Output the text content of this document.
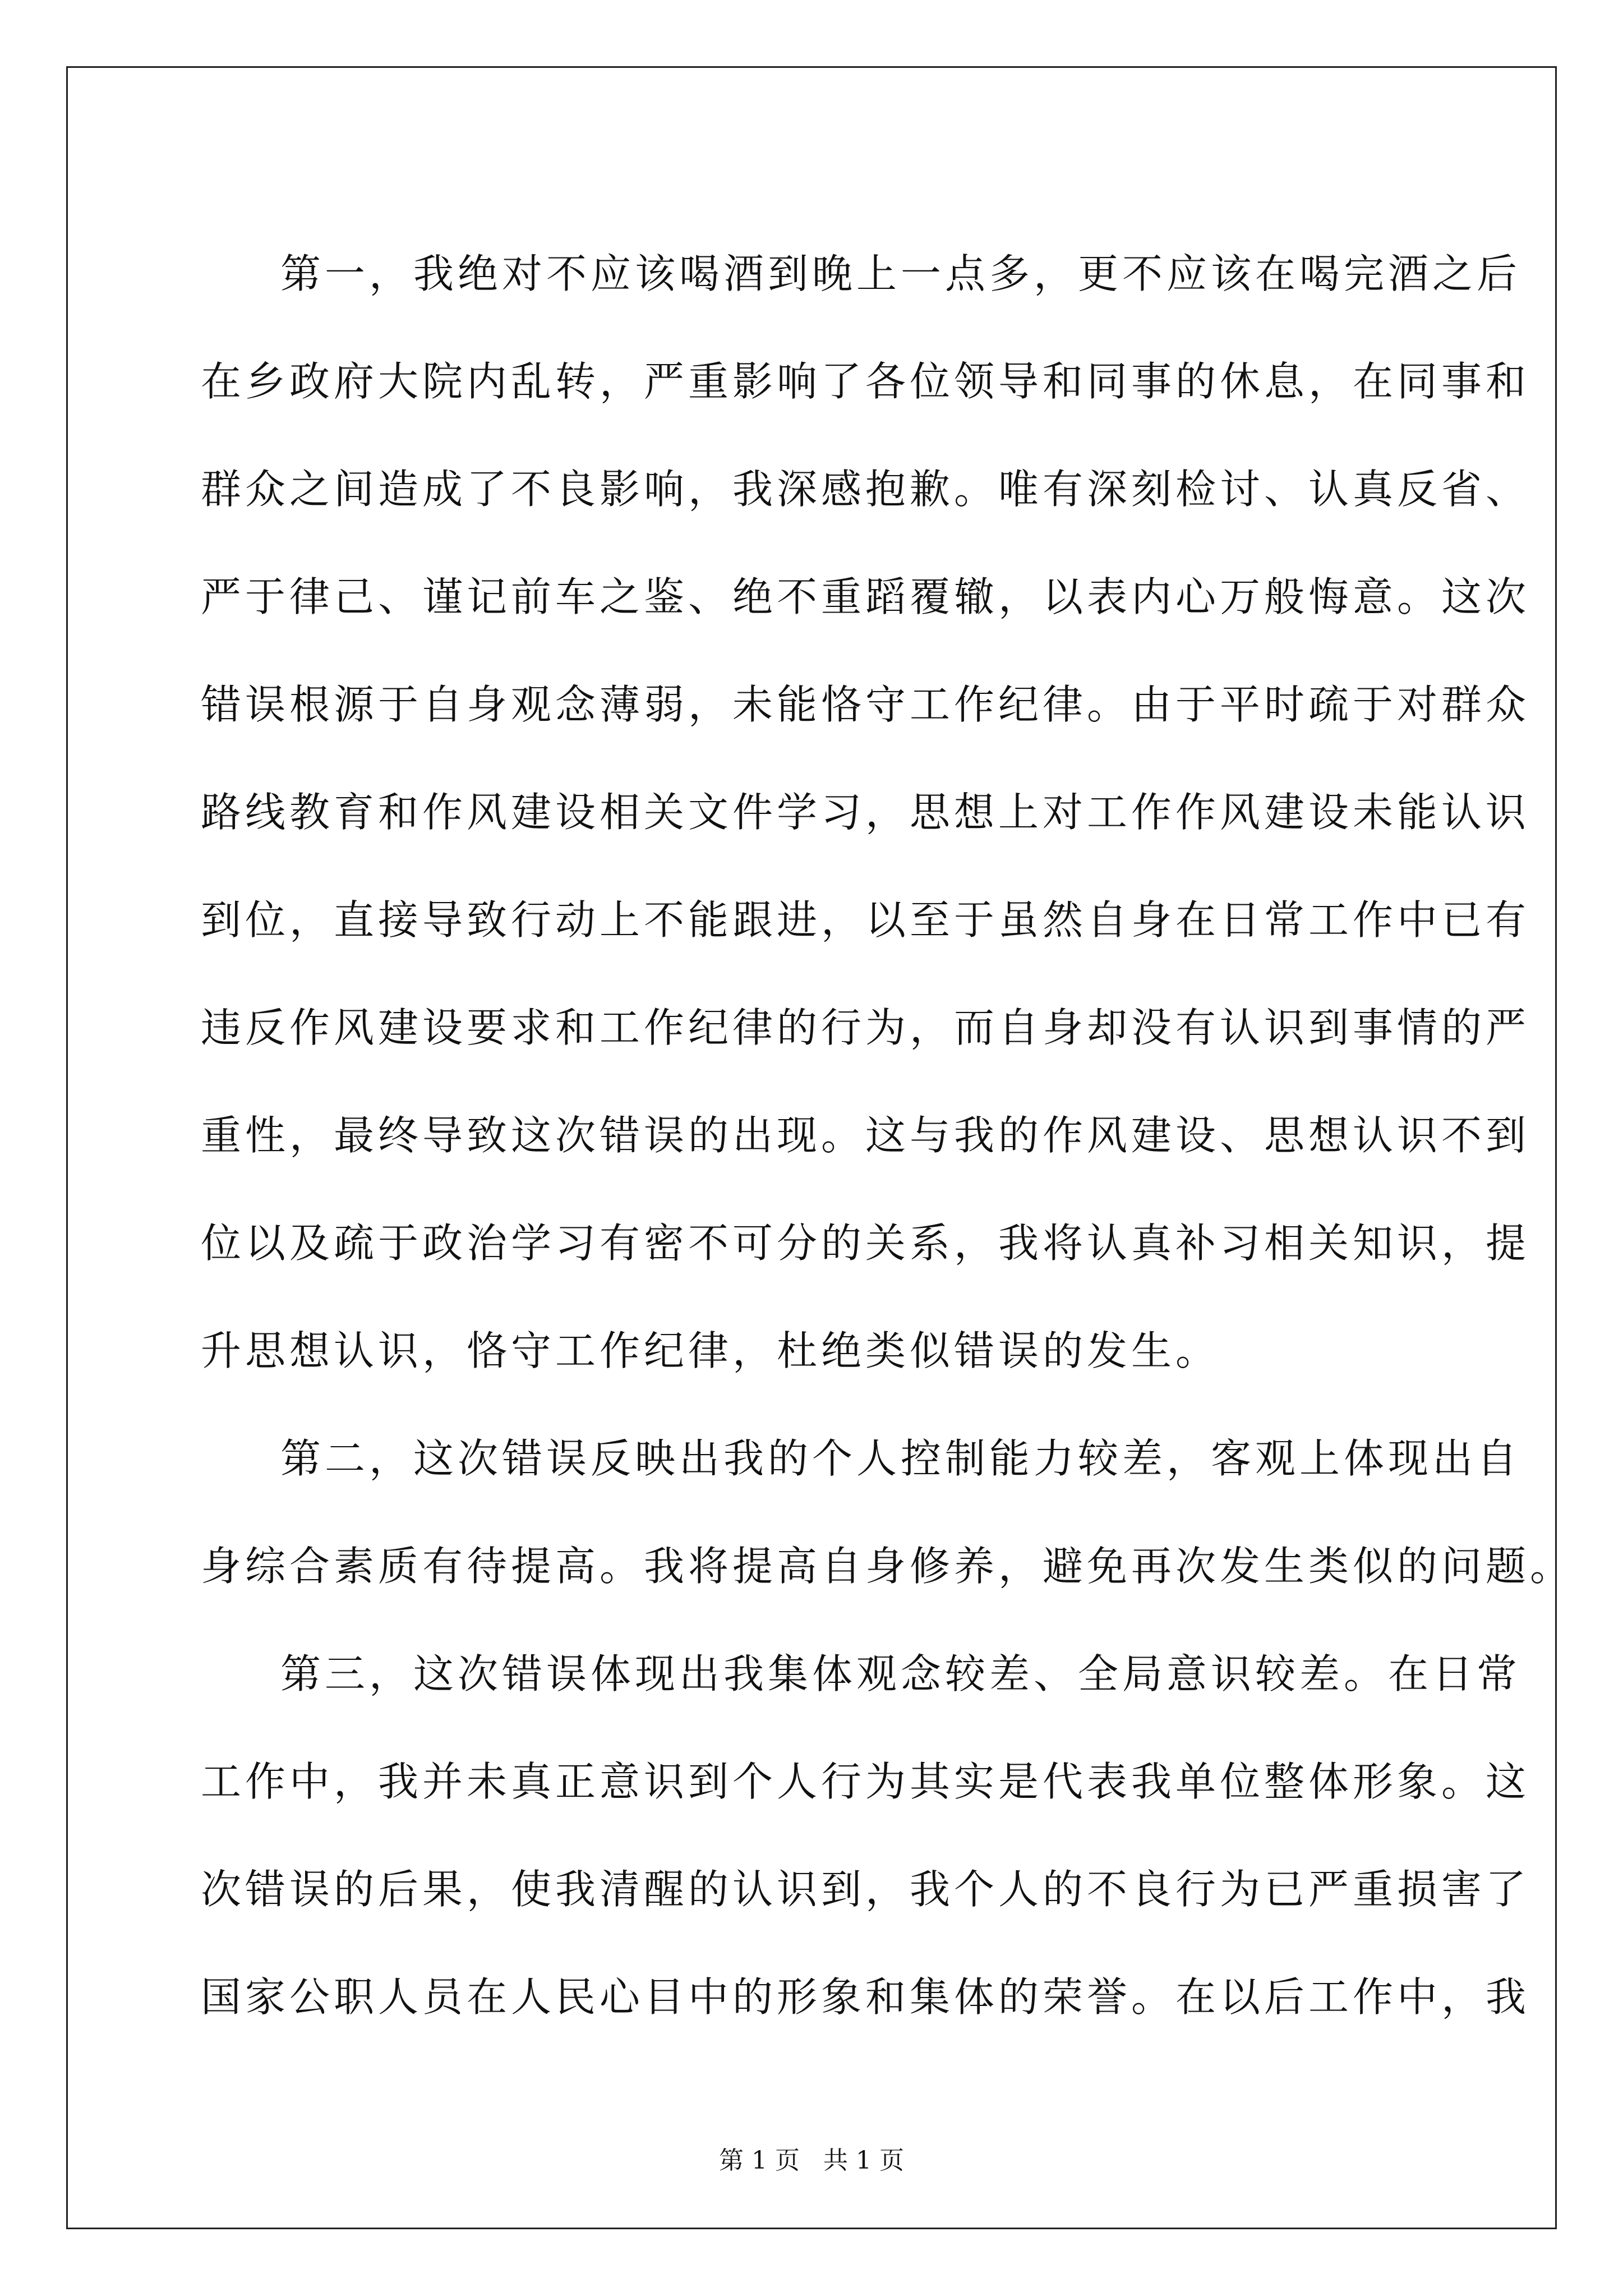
第一，我绝对不应该喝酒到晚上一点多，更不应该在喝完酒之后
在乡政府大院内乱转，严重影响了各位领导和同事的休息，在同事和
群众之间造成了不良影响，我深感抱歉。唯有深刻检讨、认真反省、
严于律己、谨记前车之鉴、绝不重蹈覆辙，以表内心万般悔意。这次
错误根源于自身观念薄弱，未能恪守工作纪律。由于平时疏于对群众
路线教育和作风建设相关文件学习，思想上对工作作风建设未能认识
到位，直接导致行动上不能跟进，以至于虽然自身在日常工作中已有
违反作风建设要求和工作纪律的行为，而自身却没有认识到事情的严
重性，最终导致这次错误的出现。这与我的作风建设、思想认识不到
位以及疏于政治学习有密不可分的关系，我将认真补习相关知识，提
升思想认识，恪守工作纪律，杜绝类似错误的发生。
第二，这次错误反映出我的个人控制能力较差，客观上体现出自
身综合素质有待提高。我将提高自身修养，避免再次发生类似的问题。
第三，这次错误体现出我集体观念较差、全局意识较差。在日常
工作中，我并未真正意识到个人行为其实是代表我单位整体形象。这
次错误的后果，使我清醒的认识到，我个人的不良行为已严重损害了
国家公职人员在人民心目中的形象和集体的荣誉。在以后工作中，我
第 1 页   共 1 页
